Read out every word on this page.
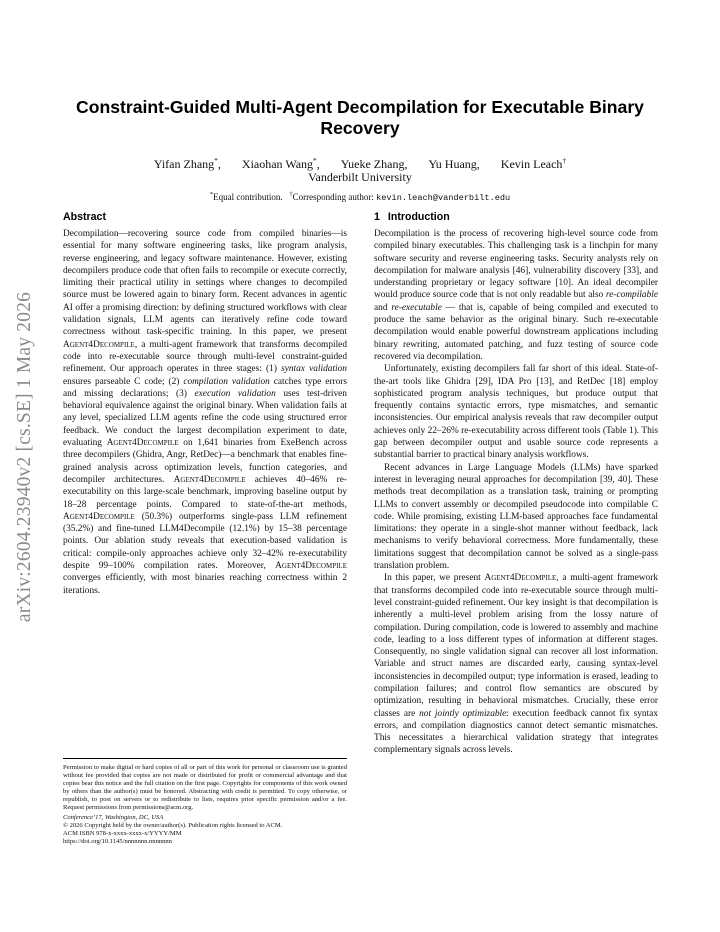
arXiv:2604.23940v2 [cs.SE] 1 May 2026
Constraint-Guided Multi-Agent Decompilation for Executable Binary Recovery
Yifan Zhang*, Xiaohan Wang*, Yueke Zhang, Yu Huang, Kevin Leach†
Vanderbilt University
*Equal contribution. †Corresponding author: kevin.leach@vanderbilt.edu
Abstract

Decompilation—recovering source code from compiled binaries—is essential for many software engineering tasks, like program analysis, reverse engineering, and legacy software maintenance. However, existing decompilers produce code that often fails to recompile or execute correctly, limiting their practical utility in settings where changes to decompiled source must be lowered again to binary form. Recent advances in agentic AI offer a promising direction: by defining structured workflows with clear validation signals, LLM agents can iteratively refine code toward correctness without task-specific training. In this paper, we present Agent4Decompile, a multi-agent framework that transforms decompiled code into re-executable source through multi-level constraint-guided refinement. Our approach operates in three stages: (1) syntax validation ensures parseable C code; (2) compilation validation catches type errors and missing declarations; (3) execution validation uses test-driven behavioral equivalence against the original binary. When validation fails at any level, specialized LLM agents refine the code using structured error feedback. We conduct the largest decompilation experiment to date, evaluating Agent4Decompile on 1,641 binaries from ExeBench across three decompilers (Ghidra, Angr, RetDec)—a benchmark that enables fine-grained analysis across optimization levels, function categories, and decompiler architectures. Agent4Decompile achieves 40–46% re-executability on this large-scale benchmark, improving baseline output by 18–28 percentage points. Compared to state-of-the-art methods, Agent4Decompile (50.3%) outperforms single-pass LLM refinement (35.2%) and fine-tuned LLM4Decompile (12.1%) by 15–38 percentage points. Our ablation study reveals that execution-based validation is critical: compile-only approaches achieve only 32–42% re-executability despite 99–100% compilation rates. Moreover, Agent4Decompile converges efficiently, with most binaries reaching correctness within 2 iterations.

Permission to make digital or hard copies of all or part of this work for personal or classroom use is granted without fee provided that copies are not made or distributed for profit or commercial advantage and that copies bear this notice and the full citation on the first page. Copyrights for components of this work owned by others than the author(s) must be honored. Abstracting with credit is permitted. To copy otherwise, or republish, to post on servers or to redistribute to lists, requires prior specific permission and/or a fee. Request permissions from permissions@acm.org.
Conference’17, Washington, DC, USA
© 2026 Copyright held by the owner/author(s). Publication rights licensed to ACM.
ACM ISBN 978-x-xxxx-xxxx-x/YYYY/MM
https://doi.org/10.1145/nnnnnnn.nnnnnnn
1 Introduction

Decompilation is the process of recovering high-level source code from compiled binary executables. This challenging task is a linchpin for many software security and reverse engineering tasks. Security analysts rely on decompilation for malware analysis [46], vulnerability discovery [33], and understanding proprietary or legacy software [10]. An ideal decompiler would produce source code that is not only readable but also re-compilable and re-executable — that is, capable of being compiled and executed to produce the same behavior as the original binary. Such re-executable decompilation would enable powerful downstream applications including binary rewriting, automated patching, and fuzz testing of source code recovered via decompilation.

Unfortunately, existing decompilers fall far short of this ideal. State-of-the-art tools like Ghidra [29], IDA Pro [13], and RetDec [18] employ sophisticated program analysis techniques, but produce output that frequently contains syntactic errors, type mismatches, and semantic inconsistencies. Our empirical analysis reveals that raw decompiler output achieves only 22–26% re-executability across different tools (Table 1). This gap between decompiler output and usable source code represents a substantial barrier to practical binary analysis workflows.

Recent advances in Large Language Models (LLMs) have sparked interest in leveraging neural approaches for decompilation [39, 40]. These methods treat decompilation as a translation task, training or prompting LLMs to convert assembly or decompiled pseudocode into compilable C code. While promising, existing LLM-based approaches face fundamental limitations: they operate in a single-shot manner without feedback, lack mechanisms to verify behavioral correctness. More fundamentally, these limitations suggest that decompilation cannot be solved as a single-pass translation problem.

In this paper, we present Agent4Decompile, a multi-agent framework that transforms decompiled code into re-executable source through multi-level constraint-guided refinement. Our key insight is that decompilation is inherently a multi-level problem arising from the lossy nature of compilation. During compilation, code is lowered to assembly and machine code, leading to a loss different types of information at different stages. Consequently, no single validation signal can recover all lost information. Variable and struct names are discarded early, causing syntax-level inconsistencies in decompiled output; type information is erased, leading to compilation failures; and control flow semantics are obscured by optimization, resulting in behavioral mismatches. Crucially, these error classes are not jointly optimizable: execution feedback cannot fix syntax errors, and compilation diagnostics cannot detect semantic mismatches. This necessitates a hierarchical validation strategy that integrates complementary signals across levels.
